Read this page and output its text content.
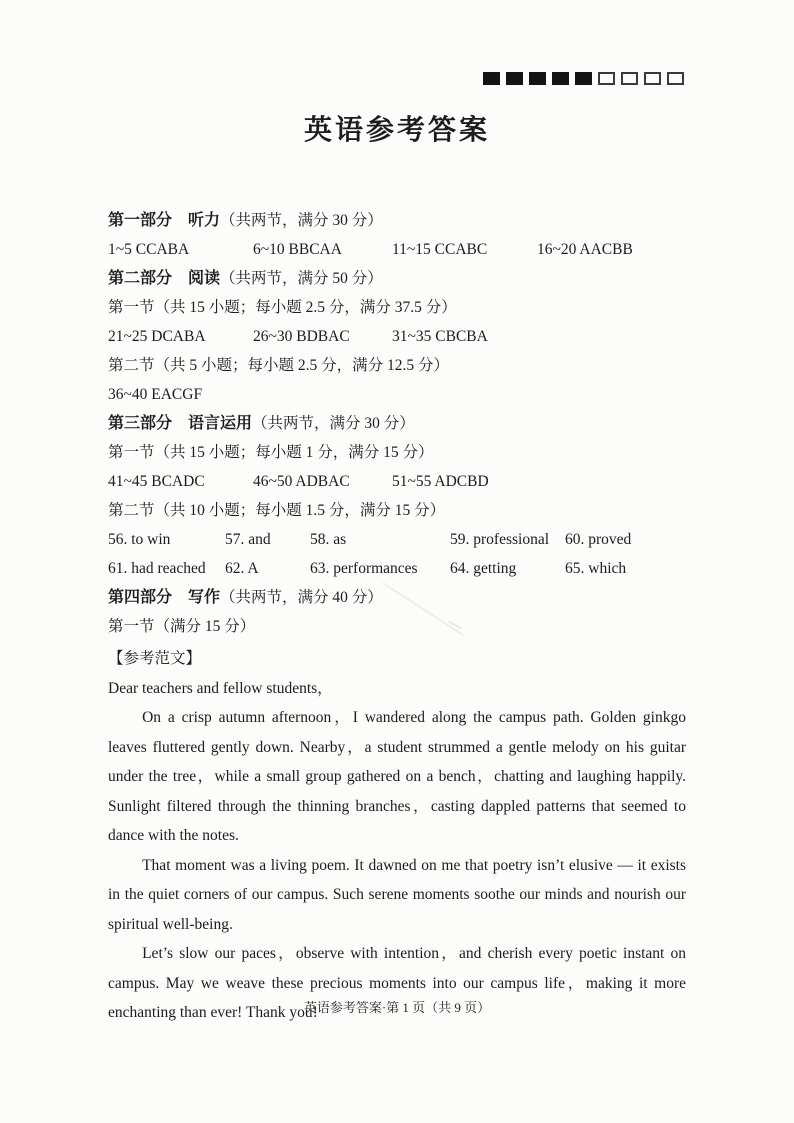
英语参考答案
第一部分　听力（共两节，满分 30 分）
1~5 CCABA	6~10 BBCAA	11~15 CCABC	16~20 AACBB
第二部分　阅读（共两节，满分 50 分）
第一节（共 15 小题；每小题 2.5 分，满分 37.5 分）
21~25 DCABA	26~30 BDBAC	31~35 CBCBA
第二节（共 5 小题；每小题 2.5 分，满分 12.5 分）
36~40 EACGF
第三部分　语言运用（共两节，满分 30 分）
第一节（共 15 小题；每小题 1 分，满分 15 分）
41~45 BCADC	46~50 ADBAC	51~55 ADCBD
第二节（共 10 小题；每小题 1.5 分，满分 15 分）
56. to win	57. and	58. as	59. professional 60. proved
61. had reached 62. A	63. performances 64. getting	65. which
第四部分　写作（共两节，满分 40 分）
第一节（满分 15 分）
【参考范文】

Dear teachers and fellow students，

On a crisp autumn afternoon，I wandered along the campus path. Golden ginkgo leaves fluttered gently down. Nearby，a student strummed a gentle melody on his guitar under the tree，while a small group gathered on a bench，chatting and laughing happily. Sunlight filtered through the thinning branches，casting dappled patterns that seemed to dance with the notes.

That moment was a living poem. It dawned on me that poetry isn’t elusive — it exists in the quiet corners of our campus. Such serene moments soothe our minds and nourish our spiritual well-being.

Let’s slow our paces，observe with intention，and cherish every poetic instant on campus. May we weave these precious moments into our campus life，making it more enchanting than ever! Thank you!

英语参考答案·第 1 页（共 9 页）
